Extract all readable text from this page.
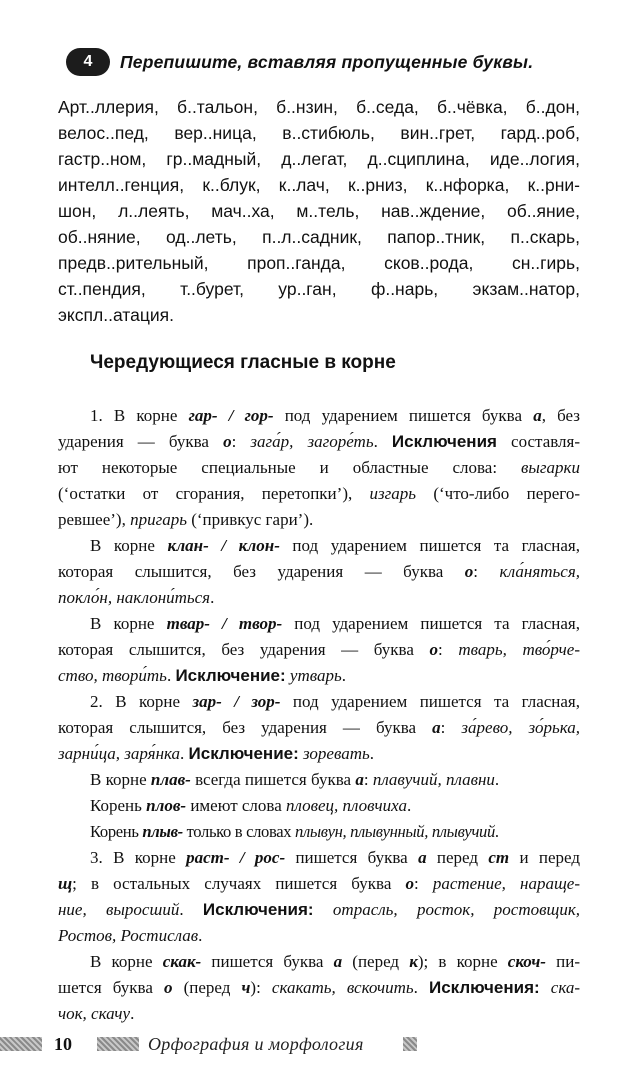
4	Перепишите, вставляя пропущенные буквы.
Арт..ллерия, б..тальон, б..нзин, б..седа, б..чёвка, б..дон,
велос..пед, вер..ница, в..стибюль, вин..грет, гард..роб,
гастр..ном, гр..мадный, д..легат, д..сциплина, иде..логия,
интелл..генция, к..блук, к..лач, к..рниз, к..нфорка, к..рни-
шон, л..леять, мач..ха, м..тель, нав..ждение, об..яние,
об..няние, од..леть, п..л..садник, папор..тник, п..скарь,
предв..рительный, проп..ганда, сков..рода, сн..гирь,
ст..пендия, т..бурет, ур..ган, ф..нарь, экзам..натор,
экспл..атация.
Чередующиеся гласные в корне
1. В корне гар- / гор- под ударением пишется буква а, без
ударения — буква о: зага́р, загоре́ть. Исключения составля-
ют некоторые специальные и областные слова: выгарки
(‘остатки от сгорания, перетопки’), изгарь (‘что-либо перего-
ревшее’), пригарь (‘привкус гари’).
В корне клан- / клон- под ударением пишется та гласная,
которая слышится, без ударения — буква о: кла́няться,
покло́н, наклони́ться.
В корне твар- / твор- под ударением пишется та гласная,
которая слышится, без ударения — буква о: тварь, тво́рче-
ство, твори́ть. Исключение: утварь.
2. В корне зар- / зор- под ударением пишется та гласная,
которая слышится, без ударения — буква а: за́рево, зо́рька,
зарни́ца, заря́нка. Исключение: зоревать.
В корне плав- всегда пишется буква а: плавучий, плавни.
Корень плов- имеют слова пловец, пловчиха.
Корень плыв- только в словах плывун, плывунный, плывучий.
3. В корне раст- / рос- пишется буква а перед ст и перед
щ; в остальных случаях пишется буква о: растение, наращe-
ние, выросший. Исключения: отрасль, росток, ростовщик,
Ростов, Ростислав.
В корне скак- пишется буква а (перед к); в корне скоч- пи-
шется буква о (перед ч): скакать, вскочить. Исключения: ска-
чок, скачу.
10	Орфография и морфология
